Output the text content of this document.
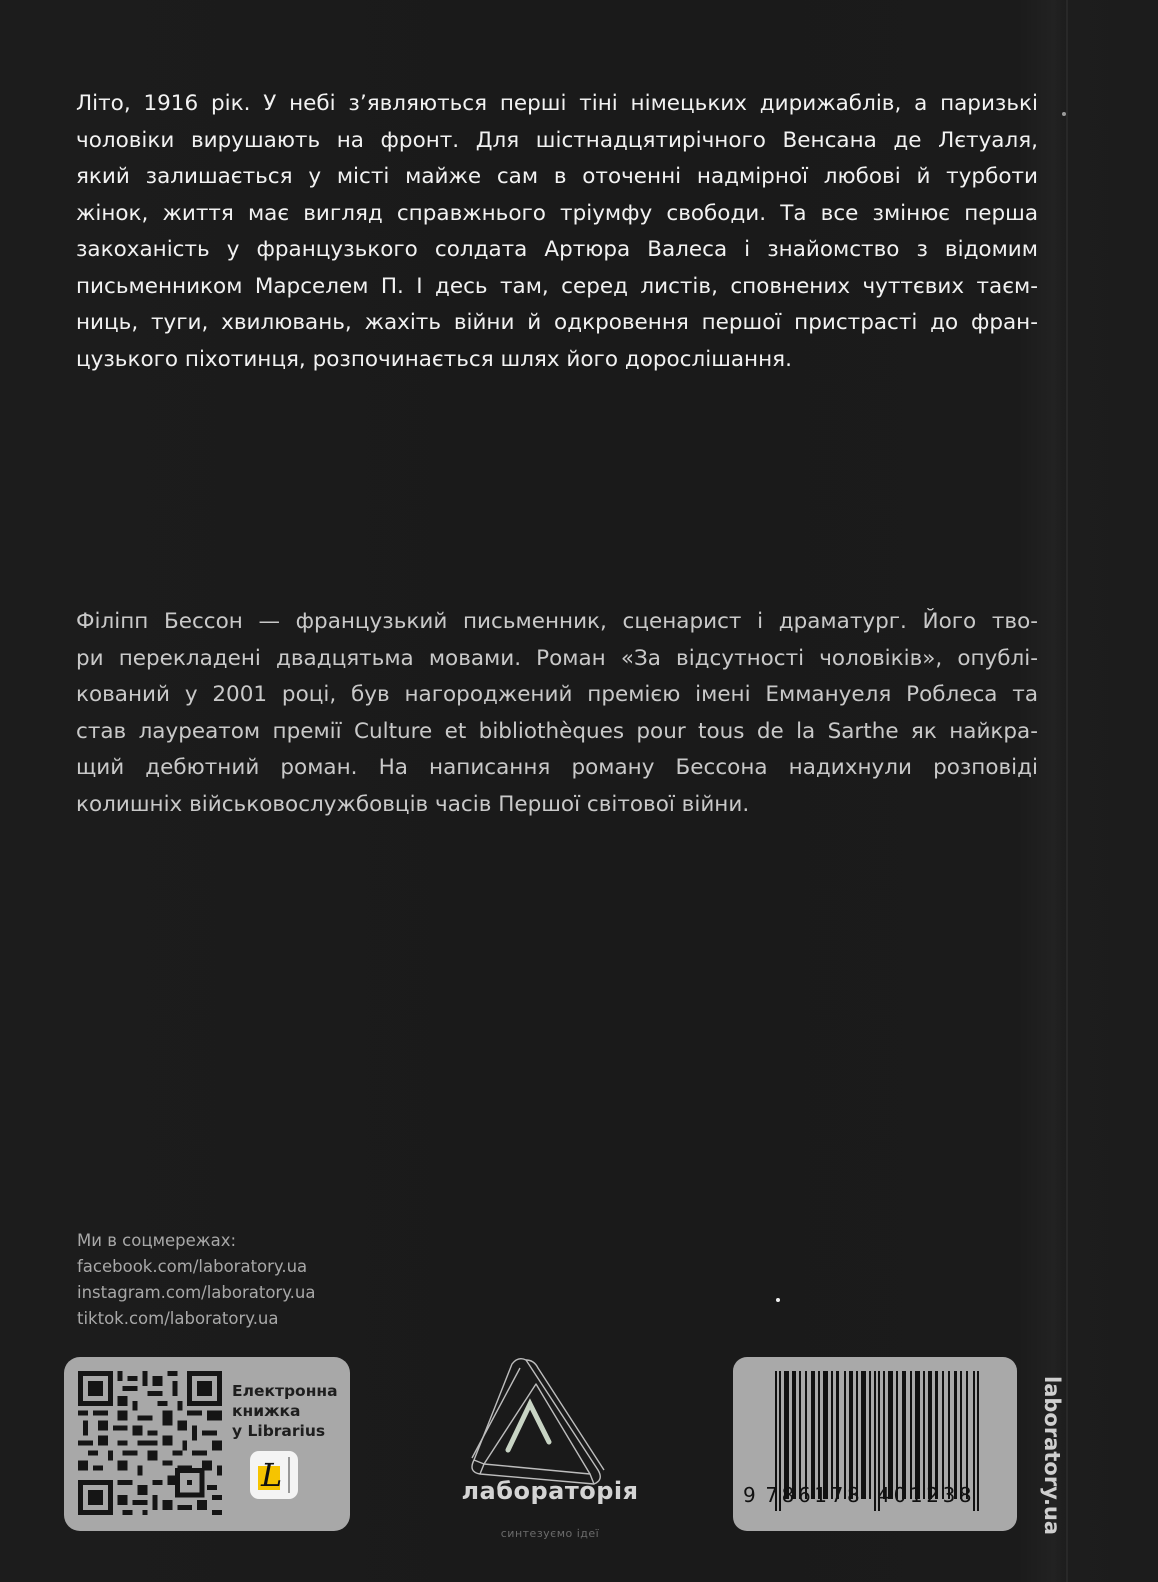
Літо, 1916 рік. У небі з’являються перші тіні німецьких дирижаблів, а паризькі
чоловіки вирушають на фронт. Для шістнадцятирічного Венсана де Лєтуаля,
який залишається у місті майже сам в оточенні надмірної любові й турботи
жінок, життя має вигляд справжнього тріумфу свободи. Та все змінює перша
закоханість у французького солдата Артюра Валеса і знайомство з відомим
письменником Марселем П. І десь там, серед листів, сповнених чуттєвих таєм-
ниць, туги, хвилювань, жахіть війни й одкровення першої пристрасті до фран-
цузького піхотинця, розпочинається шлях його дорослішання.

Філіпп Бессон — французький письменник, сценарист і драматург. Його тво-
ри перекладені двадцятьма мовами. Роман «За відсутності чоловіків», опублі-
кований у 2001 році, був нагороджений премією імені Еммануеля Роблеса та
став лауреатом премії Culture et bibliothèques pour tous de la Sarthe як найкра-
щий дебютний роман. На написання роману Бессона надихнули розповіді
колишніх військовослужбовців часів Першої світової війни.

Ми в соцмережах:
facebook.com/laboratory.ua
instagram.com/laboratory.ua
tiktok.com/laboratory.ua
Електронна
книжка
у Librarius
L	лабораторія
синтезуємо ідеї
9 786178 401238	laboratory.ua
